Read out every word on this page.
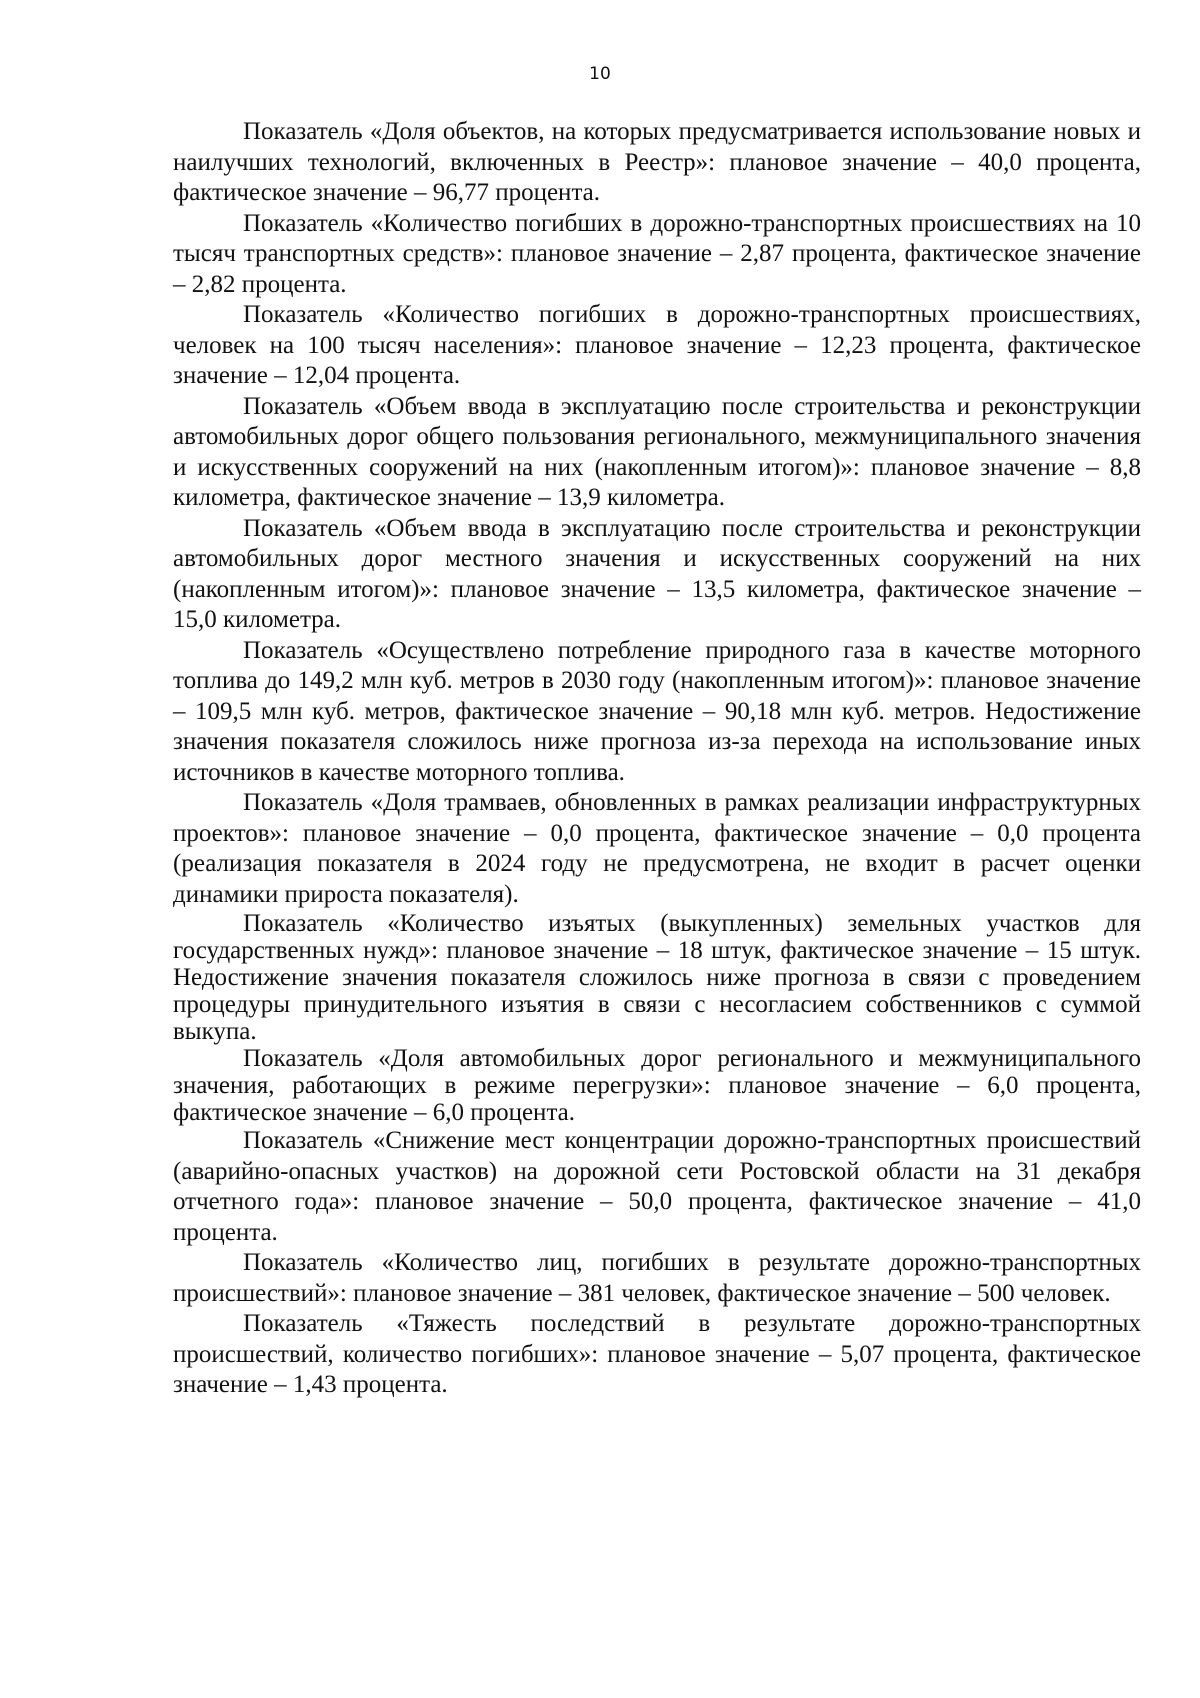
10

Показатель «Доля объектов, на которых предусматривается использование новых и наилучших технологий, включенных в Реестр»: плановое значение – 40,0 процента, фактическое значение – 96,77 процента.

Показатель «Количество погибших в дорожно-транспортных происшествиях на 10 тысяч транспортных средств»: плановое значение – 2,87 процента, фактическое значение – 2,82 процента.

Показатель «Количество погибших в дорожно-транспортных происшествиях, человек на 100 тысяч населения»: плановое значение – 12,23 процента, фактическое значение – 12,04 процента.

Показатель «Объем ввода в эксплуатацию после строительства и реконструкции автомобильных дорог общего пользования регионального, межмуниципального значения и искусственных сооружений на них (накопленным итогом)»: плановое значение – 8,8 километра, фактическое значение – 13,9 километра.

Показатель «Объем ввода в эксплуатацию после строительства и реконструкции автомобильных дорог местного значения и искусственных сооружений на них (накопленным итогом)»: плановое значение – 13,5 километра, фактическое значение – 15,0 километра.

Показатель «Осуществлено потребление природного газа в качестве моторного топлива до 149,2 млн куб. метров в 2030 году (накопленным итогом)»: плановое значение – 109,5 млн куб. метров, фактическое значение – 90,18 млн куб. метров. Недостижение значения показателя сложилось ниже прогноза из-за перехода на использование иных источников в качестве моторного топлива.

Показатель «Доля трамваев, обновленных в рамках реализации инфраструктурных проектов»: плановое значение – 0,0 процента, фактическое значение – 0,0 процента (реализация показателя в 2024 году не предусмотрена, не входит в расчет оценки динамики прироста показателя).

Показатель «Количество изъятых (выкупленных) земельных участков для государственных нужд»: плановое значение – 18 штук, фактическое значение – 15 штук. Недостижение значения показателя сложилось ниже прогноза в связи с проведением процедуры принудительного изъятия в связи с несогласием собственников с суммой выкупа.

Показатель «Доля автомобильных дорог регионального и межмуниципального значения, работающих в режиме перегрузки»: плановое значение – 6,0 процента, фактическое значение – 6,0 процента.

Показатель «Снижение мест концентрации дорожно-транспортных происшествий (аварийно-опасных участков) на дорожной сети Ростовской области на 31 декабря отчетного года»: плановое значение – 50,0 процента, фактическое значение – 41,0 процента.

Показатель «Количество лиц, погибших в результате дорожно-транспортных происшествий»: плановое значение – 381 человек, фактическое значение – 500 человек.

Показатель «Тяжесть последствий в результате дорожно-транспортных происшествий, количество погибших»: плановое значение – 5,07 процента, фактическое значение – 1,43 процента.
